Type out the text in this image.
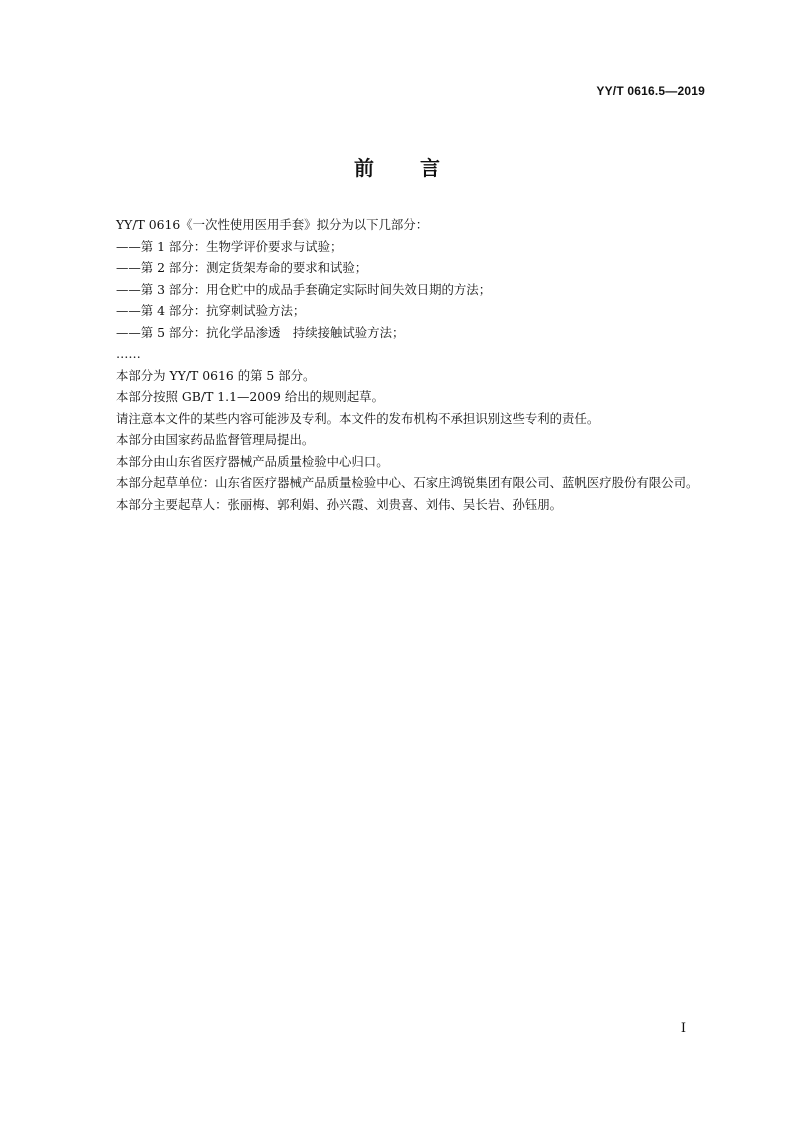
YY/T 0616.5—2019
前 言

YY/T 0616《一次性使用医用手套》拟分为以下几部分：

——第 1 部分：生物学评价要求与试验；

——第 2 部分：测定货架寿命的要求和试验；

——第 3 部分：用仓贮中的成品手套确定实际时间失效日期的方法；

——第 4 部分：抗穿刺试验方法；

——第 5 部分：抗化学品渗透　持续接触试验方法；

……

本部分为 YY/T 0616 的第 5 部分。

本部分按照 GB/T 1.1—2009 给出的规则起草。

请注意本文件的某些内容可能涉及专利。本文件的发布机构不承担识别这些专利的责任。

本部分由国家药品监督管理局提出。

本部分由山东省医疗器械产品质量检验中心归口。

本部分起草单位：山东省医疗器械产品质量检验中心、石家庄鸿锐集团有限公司、蓝帆医疗股份有限公司。

本部分主要起草人：张丽梅、郭利娟、孙兴霞、刘贵喜、刘伟、吴长岩、孙钰朋。

I
